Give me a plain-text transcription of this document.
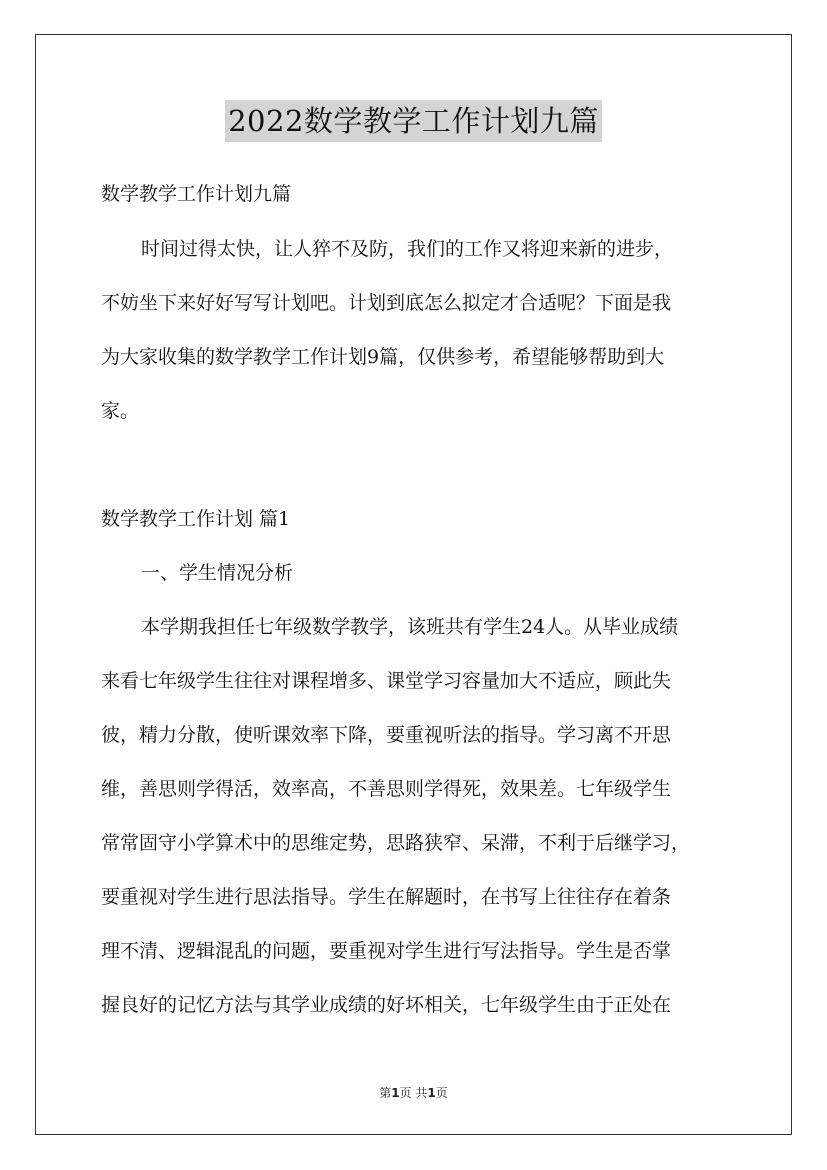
2022数学教学工作计划九篇

数学教学工作计划九篇

时间过得太快，让人猝不及防，我们的工作又将迎来新的进步，

不妨坐下来好好写写计划吧。计划到底怎么拟定才合适呢？下面是我

为大家收集的数学教学工作计划9篇，仅供参考，希望能够帮助到大

家。

数学教学工作计划 篇1

一、学生情况分析

本学期我担任七年级数学教学，该班共有学生24人。从毕业成绩

来看七年级学生往往对课程增多、课堂学习容量加大不适应，顾此失

彼，精力分散，使听课效率下降，要重视听法的指导。学习离不开思

维，善思则学得活，效率高，不善思则学得死，效果差。七年级学生

常常固守小学算术中的思维定势，思路狭窄、呆滞，不利于后继学习，

要重视对学生进行思法指导。学生在解题时，在书写上往往存在着条

理不清、逻辑混乱的问题，要重视对学生进行写法指导。学生是否掌

握良好的记忆方法与其学业成绩的好坏相关，七年级学生由于正处在

第1页 共1页
